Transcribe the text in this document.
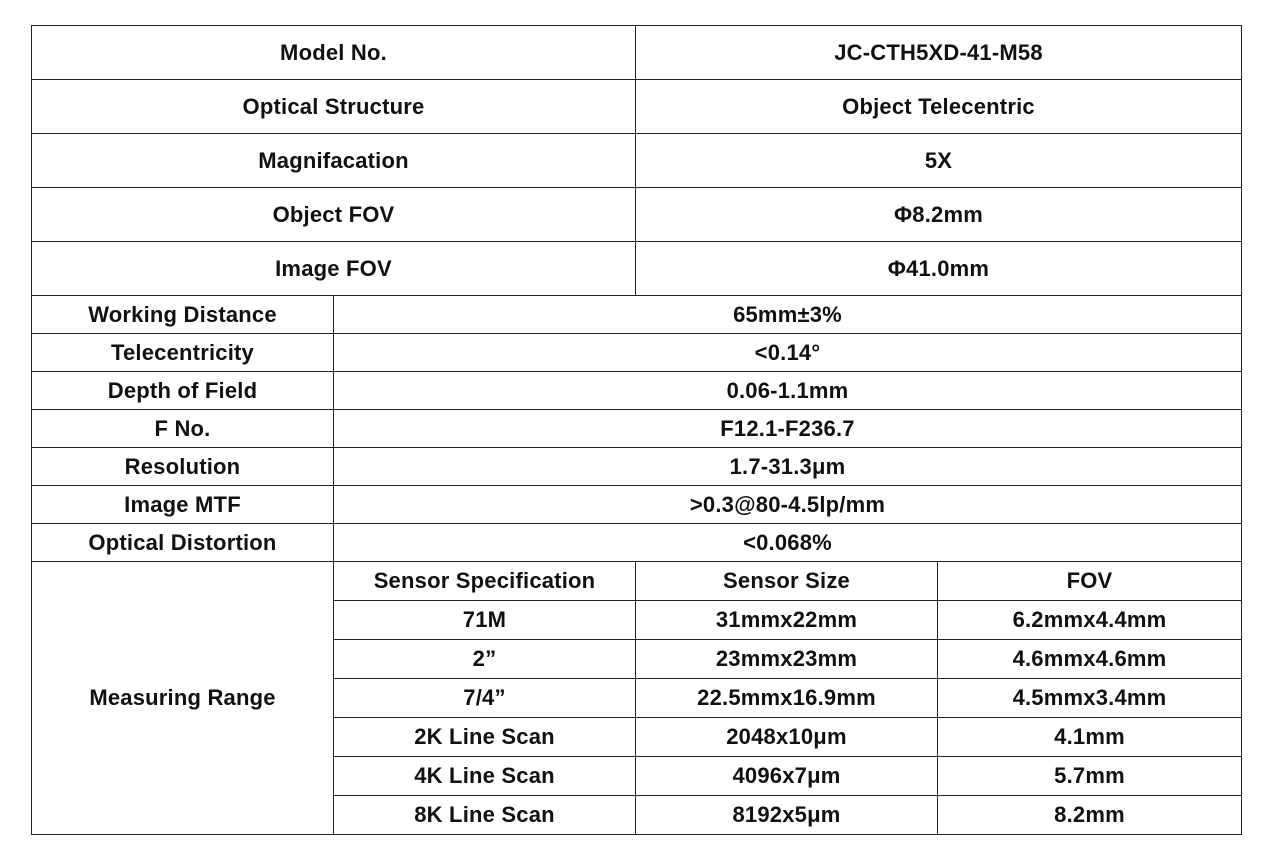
Model No.		JC-CTH5XD-41-M58	
Optical Structure		Object Telecentric	
Magnifacation		5X	
Object FOV		Φ8.2mm	
Image FOV		Φ41.0mm	
Working Distance	65mm±3%		
Telecentricity	<0.14°		
Depth of Field	0.06-1.1mm		
F No.	F12.1-F236.7		
Resolution	1.7-31.3μm		
Image MTF	>0.3@80-4.5lp/mm		
Optical Distortion	<0.068%		
Measuring Range	Sensor Specification	Sensor Size	FOV
	71M	31mmx22mm	6.2mmx4.4mm
	2”	23mmx23mm	4.6mmx4.6mm
	7/4”	22.5mmx16.9mm	4.5mmx3.4mm
	2K Line Scan	2048x10μm	4.1mm
	4K Line Scan	4096x7μm	5.7mm
	8K Line Scan	8192x5μm	8.2mm
